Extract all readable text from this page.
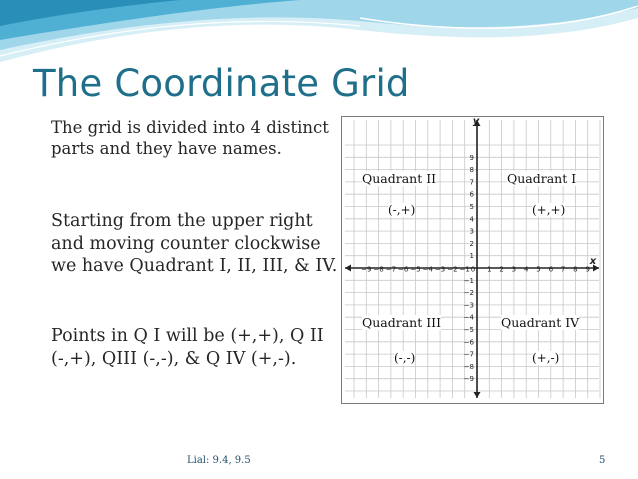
The Coordinate Grid
The grid is divided into 4 distinct parts and they have names.
Starting from the upper right and moving counter clockwise we have Quadrant I, II, III, & IV.
Points in Q I will be (+,+), Q II (-,+), QIII (-,-), & Q IV (+,-).
x
y
−9 −8 −7 −6 −5 −4 −3 −2 −1 0 1 2 3 4 5 6 7 8 9
9
8
7
6
5
4
3
2
1
−1
−2
−3
−4
−5
−6
−7
−8
−9
Quadrant II
(-,+)
Quadrant I
(+,+)
Quadrant III
(-,-)
Quadrant IV
(+,-)
Lial: 9.4, 9.5	5
